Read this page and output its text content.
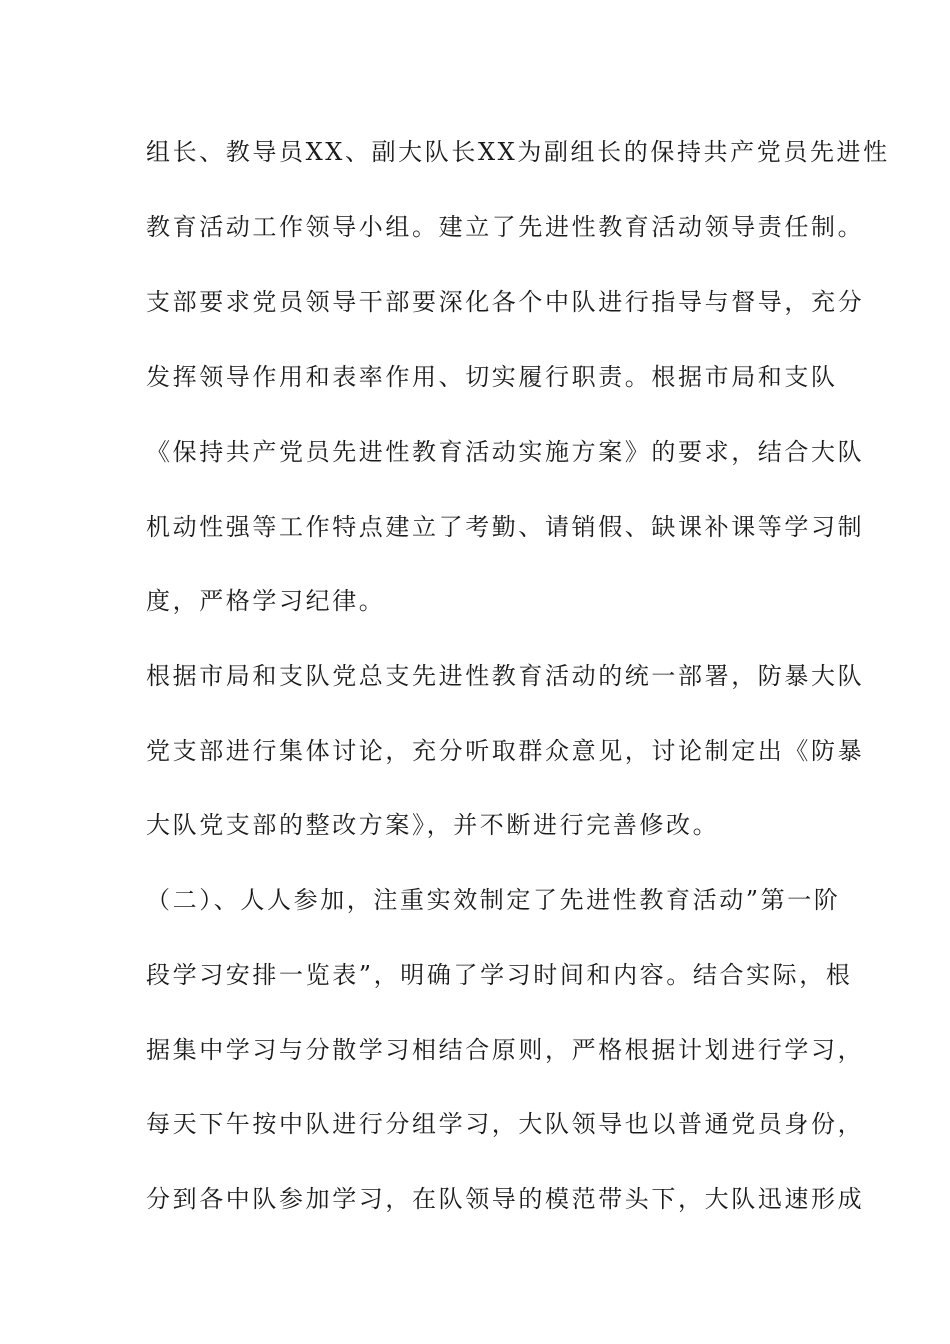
组长、教导员XX、副大队长XX为副组长的保持共产党员先进性
教育活动工作领导小组。建立了先进性教育活动领导责任制。
支部要求党员领导干部要深化各个中队进行指导与督导，充分
发挥领导作用和表率作用、切实履行职责。根据市局和支队
《保持共产党员先进性教育活动实施方案》的要求，结合大队
机动性强等工作特点建立了考勤、请销假、缺课补课等学习制
度，严格学习纪律。
根据市局和支队党总支先进性教育活动的统一部署，防暴大队
党支部进行集体讨论，充分听取群众意见，讨论制定出《防暴
大队党支部的整改方案》，并不断进行完善修改。
（二）、人人参加，注重实效制定了先进性教育活动”第一阶
段学习安排一览表”，明确了学习时间和内容。结合实际，根
据集中学习与分散学习相结合原则，严格根据计划进行学习，
每天下午按中队进行分组学习，大队领导也以普通党员身份，
分到各中队参加学习，在队领导的模范带头下，大队迅速形成
